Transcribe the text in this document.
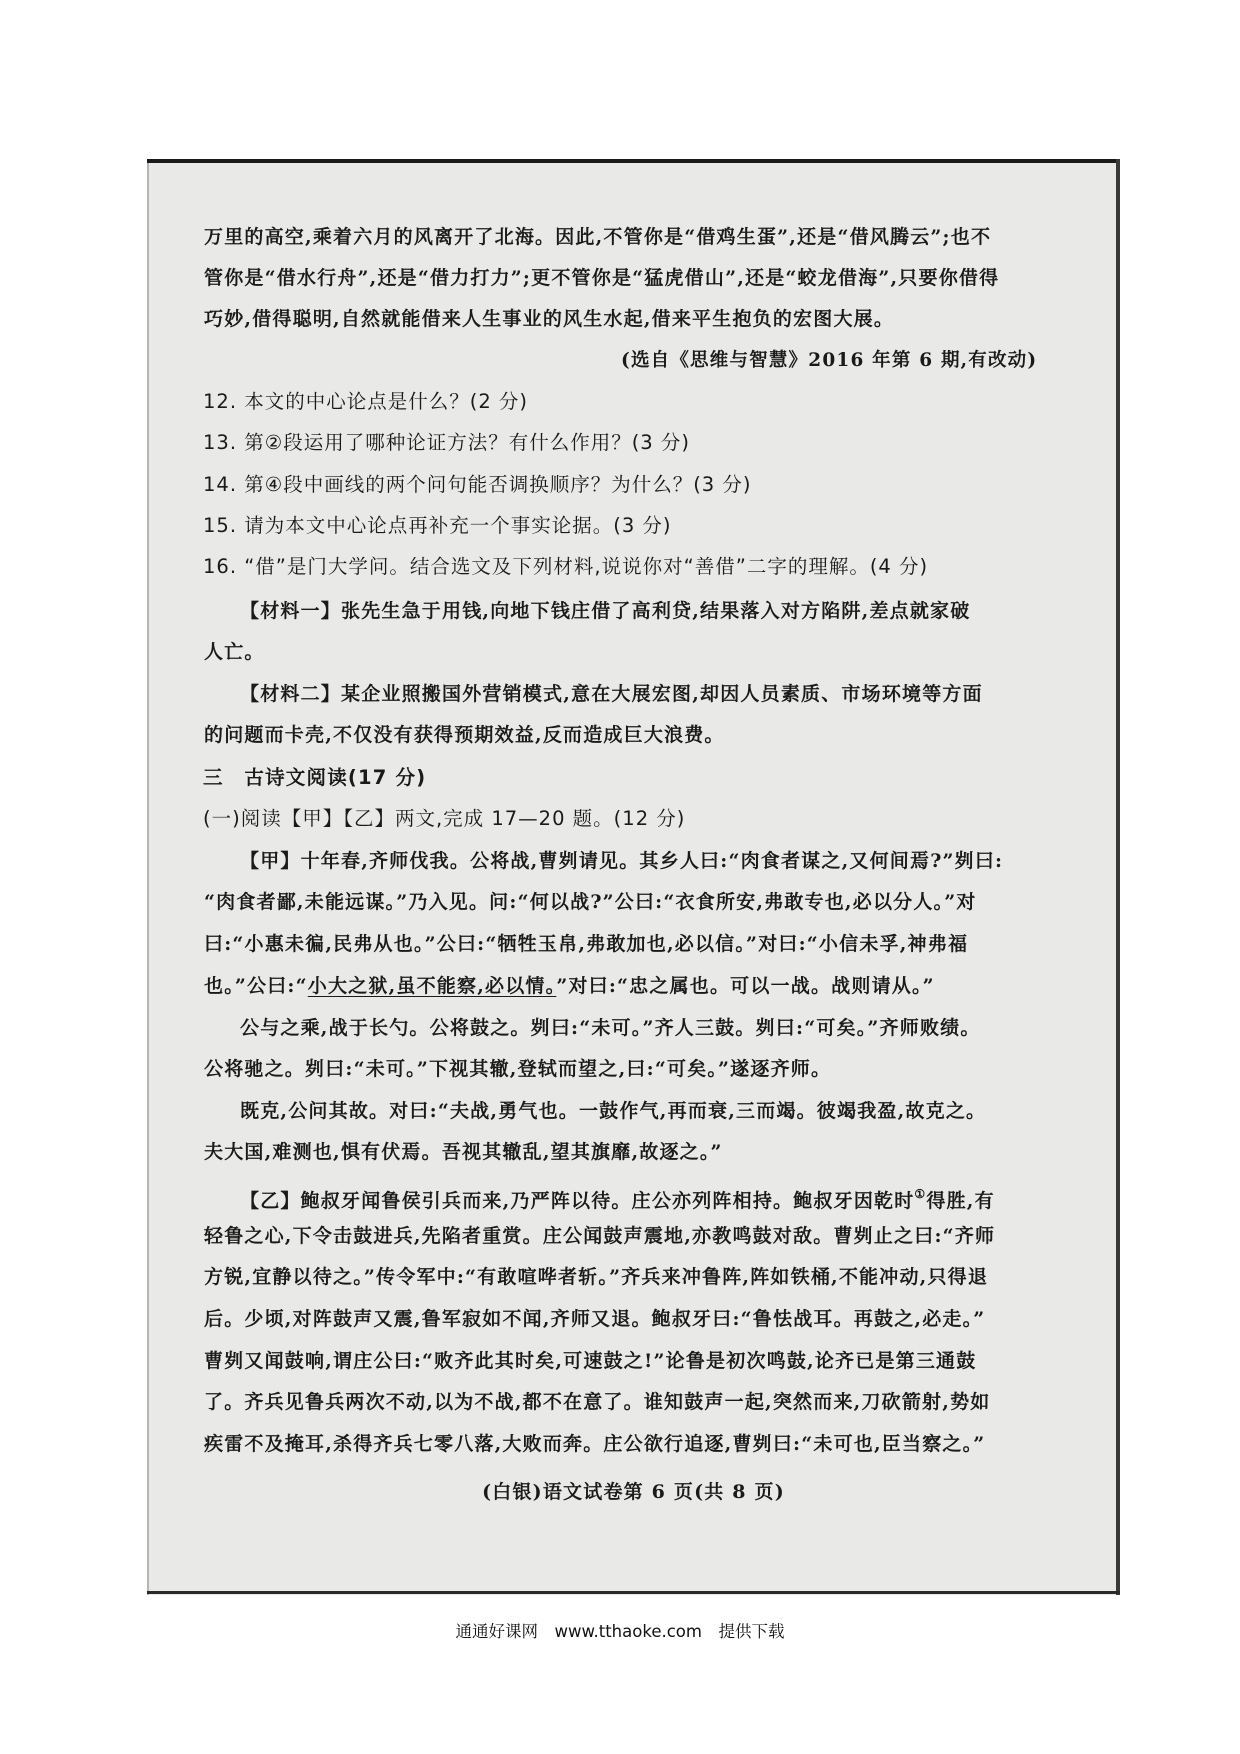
万里的高空,乘着六月的风离开了北海。因此,不管你是“借鸡生蛋”,还是“借风腾云”;也不
管你是“借水行舟”,还是“借力打力”;更不管你是“猛虎借山”,还是“蛟龙借海”,只要你借得
巧妙,借得聪明,自然就能借来人生事业的风生水起,借来平生抱负的宏图大展。
(选自《思维与智慧》2016 年第 6 期,有改动)
12. 本文的中心论点是什么？(2 分)
13. 第②段运用了哪种论证方法？有什么作用？(3 分)
14. 第④段中画线的两个问句能否调换顺序？为什么？(3 分)
15. 请为本文中心论点再补充一个事实论据。(3 分)
16. “借”是门大学问。结合选文及下列材料,说说你对“善借”二字的理解。(4 分)
【材料一】张先生急于用钱,向地下钱庄借了高利贷,结果落入对方陷阱,差点就家破
人亡。
【材料二】某企业照搬国外营销模式,意在大展宏图,却因人员素质、市场环境等方面
的问题而卡壳,不仅没有获得预期效益,反而造成巨大浪费。
三　古诗文阅读(17 分)
(一)阅读【甲】【乙】两文,完成 17—20 题。(12 分)
【甲】十年春,齐师伐我。公将战,曹刿请见。其乡人曰:“肉食者谋之,又何间焉?”刿曰:
“肉食者鄙,未能远谋。”乃入见。问:“何以战?”公曰:“衣食所安,弗敢专也,必以分人。”对
曰:“小惠未徧,民弗从也。”公曰:“牺牲玉帛,弗敢加也,必以信。”对曰:“小信未孚,神弗福
也。”公曰:“小大之狱,虽不能察,必以情。”对曰:“忠之属也。可以一战。战则请从。”
公与之乘,战于长勺。公将鼓之。刿曰:“未可。”齐人三鼓。刿曰:“可矣。”齐师败绩。
公将驰之。刿曰:“未可。”下视其辙,登轼而望之,曰:“可矣。”遂逐齐师。
既克,公问其故。对曰:“夫战,勇气也。一鼓作气,再而衰,三而竭。彼竭我盈,故克之。
夫大国,难测也,惧有伏焉。吾视其辙乱,望其旗靡,故逐之。”
【乙】鲍叔牙闻鲁侯引兵而来,乃严阵以待。庄公亦列阵相持。鲍叔牙因乾时①得胜,有
轻鲁之心,下令击鼓进兵,先陷者重赏。庄公闻鼓声震地,亦教鸣鼓对敌。曹刿止之曰:“齐师
方锐,宜静以待之。”传令军中:“有敢喧哗者斩。”齐兵来冲鲁阵,阵如铁桶,不能冲动,只得退
后。少顷,对阵鼓声又震,鲁军寂如不闻,齐师又退。鲍叔牙曰:“鲁怯战耳。再鼓之,必走。”
曹刿又闻鼓响,谓庄公曰:“败齐此其时矣,可速鼓之!”论鲁是初次鸣鼓,论齐已是第三通鼓
了。齐兵见鲁兵两次不动,以为不战,都不在意了。谁知鼓声一起,突然而来,刀砍箭射,势如
疾雷不及掩耳,杀得齐兵七零八落,大败而奔。庄公欲行追逐,曹刿曰:“未可也,臣当察之。”
(白银)语文试卷第 6 页(共 8 页)
通通好课网　www.tthaoke.com　提供下载
